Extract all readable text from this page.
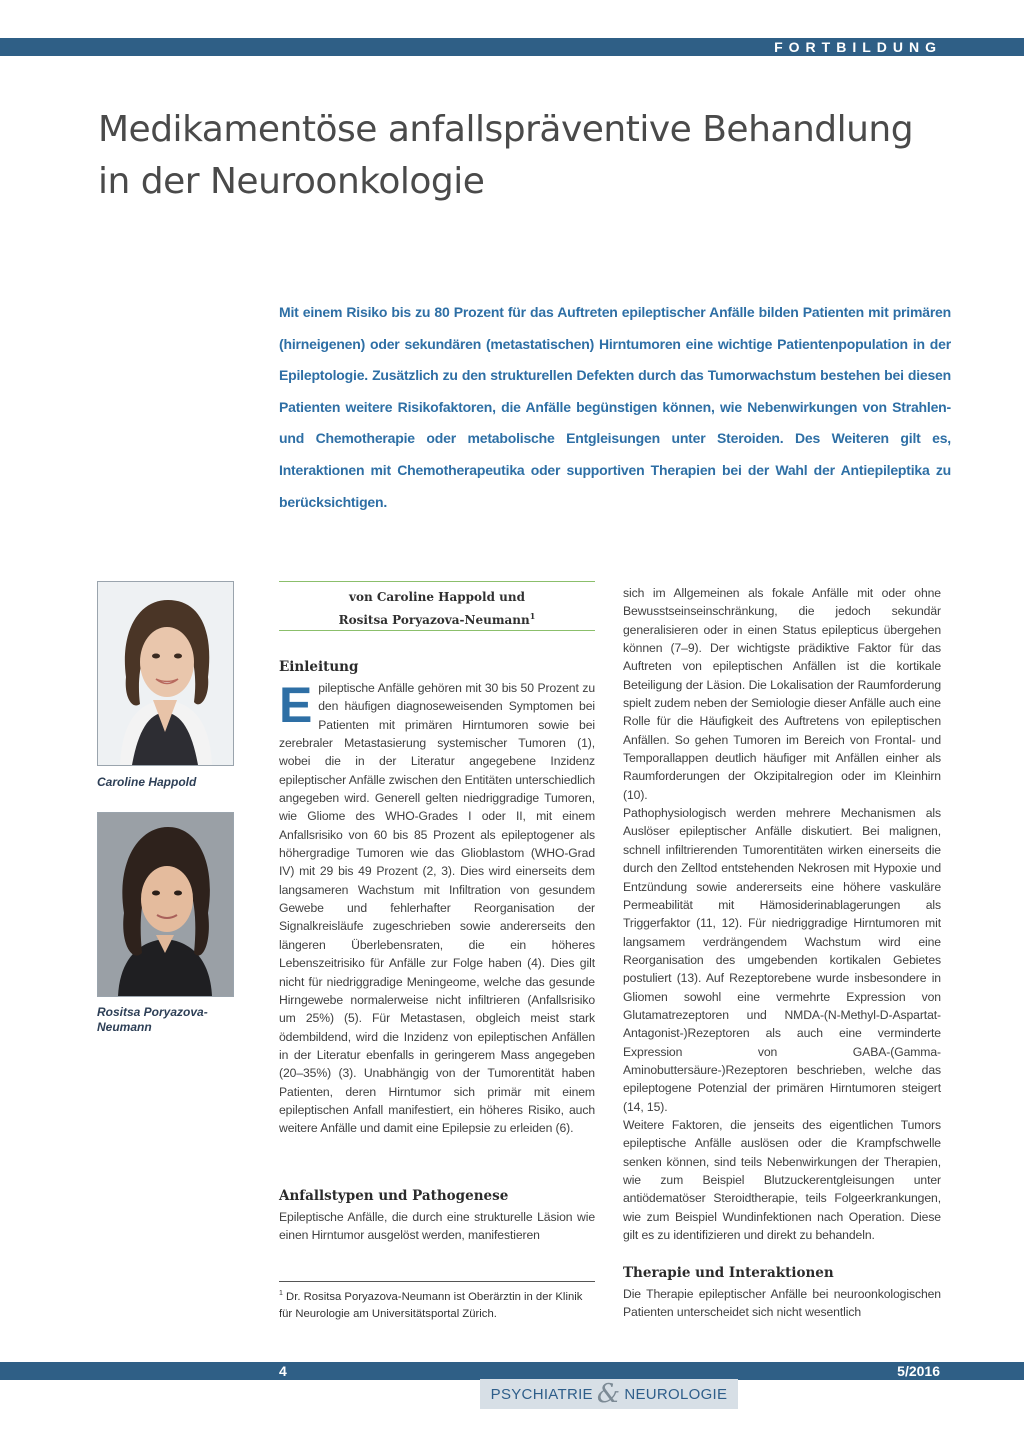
FORTBILDUNG
Medikamentöse anfallspräventive Behandlung
in der Neuroonkologie
Mit einem Risiko bis zu 80 Prozent für das Auftreten epileptischer Anfälle bilden Patienten mit primären (hirneigenen) oder sekundären (metastatischen) Hirntumoren eine wichtige Patientenpopulation in der Epileptologie. Zusätzlich zu den strukturellen Defekten durch das Tumorwachstum bestehen bei diesen Patienten weitere Risikofaktoren, die Anfälle begünstigen können, wie Nebenwirkungen von Strahlen- und Chemotherapie oder metabolische Entgleisungen unter Steroiden. Des Weiteren gilt es, Interaktionen mit Chemotherapeutika oder supportiven Therapien bei der Wahl der Antiepileptika zu berücksichtigen.
Caroline Happold
Rositsa Poryazova-Neumann
von Caroline Happold und
Rositsa Poryazova-Neumann$^1$
Einleitung

Epileptische Anfälle gehören mit 30 bis 50 Prozent zu den häufigen diagnoseweisenden Symptomen bei Patienten mit primären Hirntumoren sowie bei zerebraler Metastasierung systemischer Tumoren (1), wobei die in der Literatur angegebene Inzidenz epileptischer Anfälle zwischen den Entitäten unterschiedlich angegeben wird. Generell gelten niedriggradige Tumoren, wie Gliome des WHO-Grades I oder II, mit einem Anfallsrisiko von 60 bis 85 Prozent als epileptogener als höhergradige Tumoren wie das Glioblastom (WHO-Grad IV) mit 29 bis 49 Prozent (2, 3). Dies wird einerseits dem langsameren Wachstum mit Infiltration von gesundem Gewebe und fehlerhafter Reorganisation der Signalkreisläufe zugeschrieben sowie andererseits den längeren Überlebensraten, die ein höheres Lebenszeitrisiko für Anfälle zur Folge haben (4). Dies gilt nicht für niedriggradige Meningeome, welche das gesunde Hirngewebe normalerweise nicht infiltrieren (Anfallsrisiko um 25%) (5). Für Metastasen, obgleich meist stark ödembildend, wird die Inzidenz von epileptischen Anfällen in der Literatur ebenfalls in geringerem Mass angegeben (20–35%) (3). Unabhängig von der Tumorentität haben Patienten, deren Hirntumor sich primär mit einem epileptischen Anfall manifestiert, ein höheres Risiko, auch weitere Anfälle und damit eine Epilepsie zu erleiden (6).

Anfallstypen und Pathogenese

Epileptische Anfälle, die durch eine strukturelle Läsion wie einen Hirntumor ausgelöst werden, manifestieren

$^1$ Dr. Rositsa Poryazova-Neumann ist Oberärztin in der Klinik für Neurologie am Universitätsportal Zürich.

sich im Allgemeinen als fokale Anfälle mit oder ohne Bewusstseinseinschränkung, die jedoch sekundär generalisieren oder in einen Status epilepticus übergehen können (7–9). Der wichtigste prädiktive Faktor für das Auftreten von epileptischen Anfällen ist die kortikale Beteiligung der Läsion. Die Lokalisation der Raumforderung spielt zudem neben der Semiologie dieser Anfälle auch eine Rolle für die Häufigkeit des Auftretens von epileptischen Anfällen. So gehen Tumoren im Bereich von Frontal- und Temporallappen deutlich häufiger mit Anfällen einher als Raumforderungen der Okzipitalregion oder im Kleinhirn (10).

Pathophysiologisch werden mehrere Mechanismen als Auslöser epileptischer Anfälle diskutiert. Bei malignen, schnell infiltrierenden Tumorentitäten wirken einerseits die durch den Zelltod entstehenden Nekrosen mit Hypoxie und Entzündung sowie andererseits eine höhere vaskuläre Permeabilität mit Hämosiderinablagerungen als Triggerfaktor (11, 12). Für niedriggradige Hirntumoren mit langsamem verdrängendem Wachstum wird eine Reorganisation des umgebenden kortikalen Gebietes postuliert (13). Auf Rezeptorebene wurde insbesondere in Gliomen sowohl eine vermehrte Expression von Glutamatrezeptoren und NMDA-(N-Methyl-D-Aspartat-Antagonist-)Rezeptoren als auch eine verminderte Expression von GABA-(Gamma-Aminobuttersäure-)Rezeptoren beschrieben, welche das epileptogene Potenzial der primären Hirntumoren steigert (14, 15).

Weitere Faktoren, die jenseits des eigentlichen Tumors epileptische Anfälle auslösen oder die Krampfschwelle senken können, sind teils Nebenwirkungen der Therapien, wie zum Beispiel Blutzuckerentgleisungen unter antiödematöser Steroidtherapie, teils Folgeerkrankungen, wie zum Beispiel Wundinfektionen nach Operation. Diese gilt es zu identifizieren und direkt zu behandeln.

Therapie und Interaktionen

Die Therapie epileptischer Anfälle bei neuroonkologischen Patienten unterscheidet sich nicht wesentlich

4	5/2016
PSYCHIATRIE & NEUROLOGIE
